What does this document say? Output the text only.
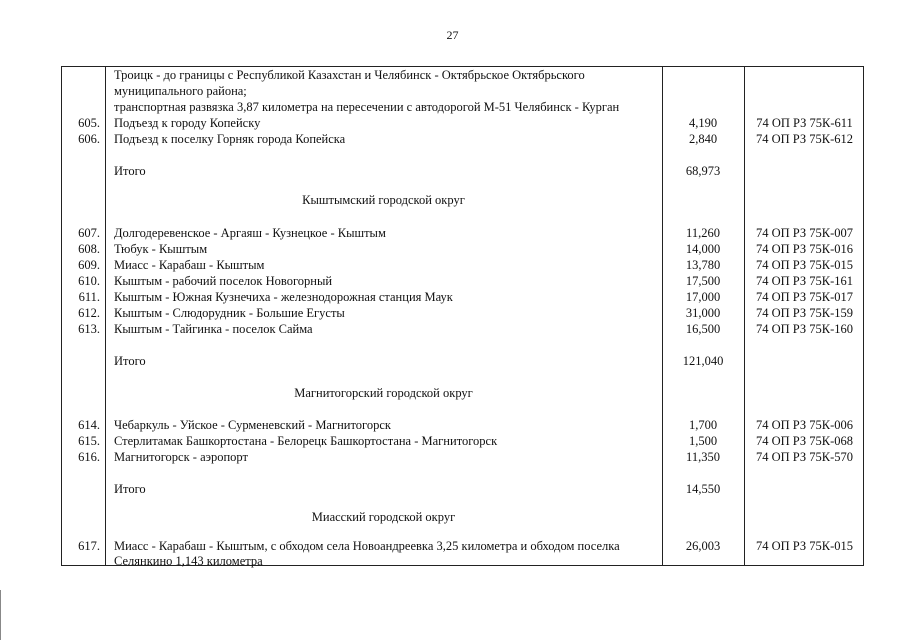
27
Троицк - до границы с Республикой Казахстан и Челябинск - Октябрьское Октябрьского
муниципального района;
транспортная развязка 3,87 километра на пересечении с автодорогой М-51 Челябинск - Курган
605. Подъезд к городу Копейску	4,190	74 ОП РЗ 75К-611
606. Подъезд к поселку Горняк города Копейска	2,840	74 ОП РЗ 75К-612
Итого	68,973
Кыштымский городской округ
607. Долгодеревенское - Аргаяш - Кузнецкое - Кыштым	11,260	74 ОП РЗ 75К-007
608. Тюбук - Кыштым	14,000	74 ОП РЗ 75К-016
609. Миасс - Карабаш - Кыштым	13,780	74 ОП РЗ 75К-015
610. Кыштым - рабочий поселок Новогорный	17,500	74 ОП РЗ 75К-161
611. Кыштым - Южная Кузнечиха - железнодорожная станция Маук	17,000	74 ОП РЗ 75К-017
612. Кыштым - Слюдорудник - Большие Егусты	31,000	74 ОП РЗ 75К-159
613. Кыштым - Тайгинка - поселок Сайма	16,500	74 ОП РЗ 75К-160
Итого	121,040
Магнитогорский городской округ
614. Чебаркуль - Уйское - Сурменевский - Магнитогорск	1,700	74 ОП РЗ 75К-006
615. Стерлитамак Башкортостана - Белорецк Башкортостана - Магнитогорск	1,500	74 ОП РЗ 75К-068
616. Магнитогорск - аэропорт	11,350	74 ОП РЗ 75К-570
Итого	14,550
Миасский городской округ
617. Миасс - Карабаш - Кыштым, с обходом села Новоандреевка 3,25 километра и обходом поселка
Селянкино 1,143 километра
26,003	74 ОП РЗ 75К-015
